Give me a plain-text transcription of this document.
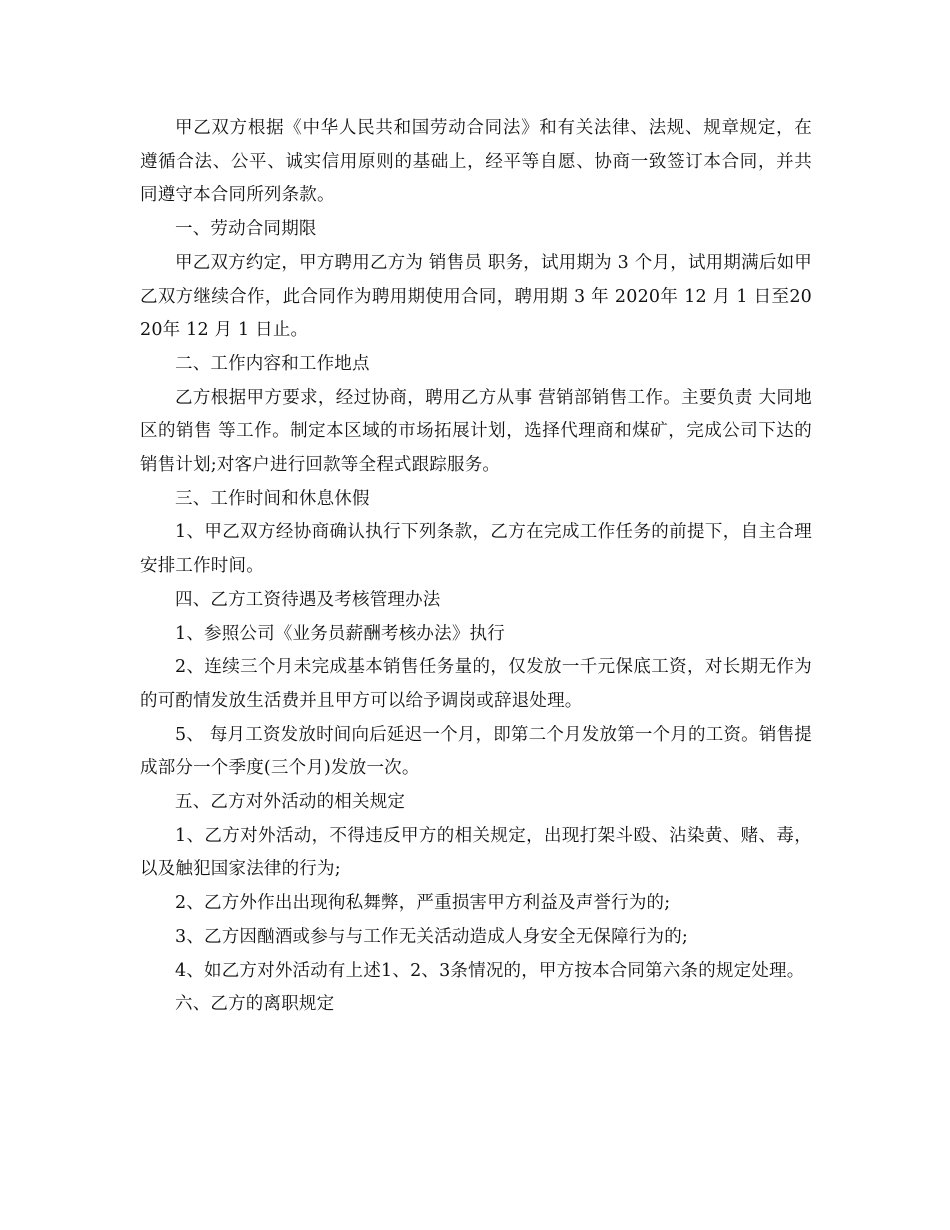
甲乙双方根据《中华人民共和国劳动合同法》和有关法律、法规、规章规定，在遵循合法、公平、诚实信用原则的基础上，经平等自愿、协商一致签订本合同，并共同遵守本合同所列条款。

一、劳动合同期限

甲乙双方约定，甲方聘用乙方为 销售员 职务，试用期为 3 个月，试用期满后如甲乙双方继续合作，此合同作为聘用期使用合同，聘用期 3 年 2020年 12 月 1 日至2020年 12 月 1 日止。

二、工作内容和工作地点

乙方根据甲方要求，经过协商，聘用乙方从事 营销部销售工作。主要负责 大同地区的销售 等工作。制定本区域的市场拓展计划，选择代理商和煤矿，完成公司下达的销售计划;对客户进行回款等全程式跟踪服务。

三、工作时间和休息休假

1、甲乙双方经协商确认执行下列条款，乙方在完成工作任务的前提下，自主合理安排工作时间。

四、乙方工资待遇及考核管理办法

1、参照公司《业务员薪酬考核办法》执行

2、连续三个月未完成基本销售任务量的，仅发放一千元保底工资，对长期无作为的可酌情发放生活费并且甲方可以给予调岗或辞退处理。

5、 每月工资发放时间向后延迟一个月，即第二个月发放第一个月的工资。销售提成部分一个季度(三个月)发放一次。

五、乙方对外活动的相关规定

1、乙方对外活动，不得违反甲方的相关规定，出现打架斗殴、沾染黄、赌、毒，以及触犯国家法律的行为;

2、乙方外作出出现徇私舞弊，严重损害甲方利益及声誉行为的;

3、乙方因酗酒或参与与工作无关活动造成人身安全无保障行为的;

4、如乙方对外活动有上述1、2、3条情况的，甲方按本合同第六条的规定处理。

六、乙方的离职规定
